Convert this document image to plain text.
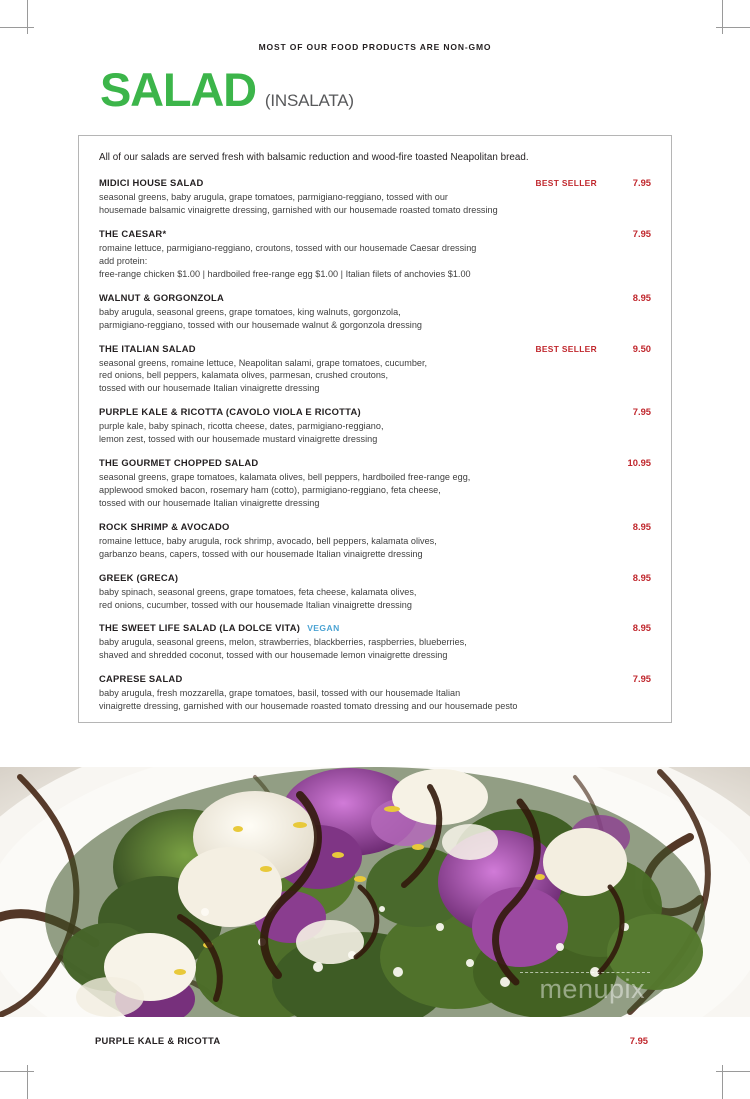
MOST OF OUR FOOD PRODUCTS ARE NON-GMO
SALAD (INSALATA)
All of our salads are served fresh with balsamic reduction and wood-fire toasted Neapolitan bread.
MIDICI HOUSE SALAD	BEST SELLER	7.95
seasonal greens, baby arugula, grape tomatoes, parmigiano-reggiano, tossed with our
housemade balsamic vinaigrette dressing, garnished with our housemade roasted tomato dressing
THE CAESAR*	7.95
romaine lettuce, parmigiano-reggiano, croutons, tossed with our housemade Caesar dressing
add protein:
free-range chicken $1.00 | hardboiled free-range egg $1.00 | Italian filets of anchovies $1.00
WALNUT & GORGONZOLA	8.95
baby arugula, seasonal greens, grape tomatoes, king walnuts, gorgonzola,
parmigiano-reggiano, tossed with our housemade walnut & gorgonzola dressing
THE ITALIAN SALAD	BEST SELLER	9.50
seasonal greens, romaine lettuce, Neapolitan salami, grape tomatoes, cucumber,
red onions, bell peppers, kalamata olives, parmesan, crushed croutons,
tossed with our housemade Italian vinaigrette dressing
PURPLE KALE & RICOTTA (CAVOLO VIOLA E RICOTTA)	7.95
purple kale, baby spinach, ricotta cheese, dates, parmigiano-reggiano,
lemon zest, tossed with our housemade mustard vinaigrette dressing
THE GOURMET CHOPPED SALAD	10.95
seasonal greens, grape tomatoes, kalamata olives, bell peppers, hardboiled free-range egg,
applewood smoked bacon, rosemary ham (cotto), parmigiano-reggiano, feta cheese,
tossed with our housemade Italian vinaigrette dressing
ROCK SHRIMP & AVOCADO	8.95
romaine lettuce, baby arugula, rock shrimp, avocado, bell peppers, kalamata olives,
garbanzo beans, capers, tossed with our housemade Italian vinaigrette dressing
GREEK (GRECA)	8.95
baby spinach, seasonal greens, grape tomatoes, feta cheese, kalamata olives,
red onions, cucumber, tossed with our housemade Italian vinaigrette dressing
THE SWEET LIFE SALAD (LA DOLCE VITA) VEGAN	8.95
baby arugula, seasonal greens, melon, strawberries, blackberries, raspberries, blueberries,
shaved and shredded coconut, tossed with our housemade lemon vinaigrette dressing
CAPRESE SALAD	7.95
baby arugula, fresh mozzarella, grape tomatoes, basil, tossed with our housemade Italian
vinaigrette dressing, garnished with our housemade roasted tomato dressing and our housemade pesto
menupix
PURPLE KALE & RICOTTA	7.95
